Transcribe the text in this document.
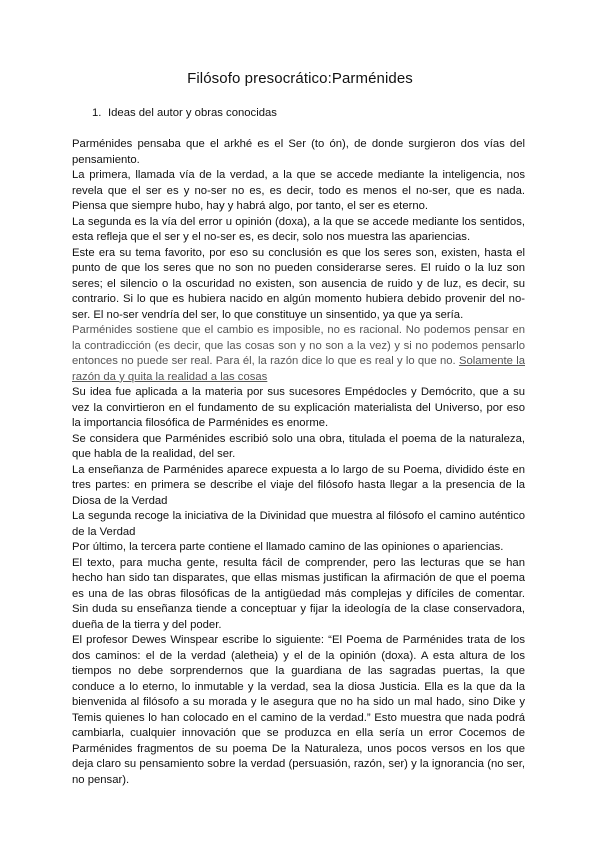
Filósofo presocrático:Parménides
1. Ideas del autor y obras conocidas

Parménides pensaba que el arkhé es el Ser (to ón), de donde surgieron dos vías del pensamiento.

La primera, llamada vía de la verdad, a la que se accede mediante la inteligencia, nos revela que el ser es y no-ser no es, es decir, todo es menos el no-ser, que es nada. Piensa que siempre hubo, hay y habrá algo, por tanto, el ser es eterno.

La segunda es la vía del error u opinión (doxa), a la que se accede mediante los sentidos, esta refleja que el ser y el no-ser es, es decir, solo nos muestra las apariencias.

Este era su tema favorito, por eso su conclusión es que los seres son, existen, hasta el punto de que los seres que no son no pueden considerarse seres. El ruido o la luz son seres; el silencio o la oscuridad no existen, son ausencia de ruido y de luz, es decir, su contrario. Si lo que es hubiera nacido en algún momento hubiera debido provenir del no-ser. El no-ser vendría del ser, lo que constituye un sinsentido, ya que ya sería.

Parménides sostiene que el cambio es imposible, no es racional. No podemos pensar en la contradicción (es decir, que las cosas son y no son a la vez) y si no podemos pensarlo entonces no puede ser real. Para él, la razón dice lo que es real y lo que no. Solamente la razón da y quita la realidad a las cosas

Su idea fue aplicada a la materia por sus sucesores Empédocles y Demócrito, que a su vez la convirtieron en el fundamento de su explicación materialista del Universo, por eso la importancia filosófica de Parménides es enorme.

Se considera que Parménides escribió solo una obra, titulada el poema de la naturaleza, que habla de la realidad, del ser.

La enseñanza de Parménides aparece expuesta a lo largo de su Poema, dividido éste en tres partes: en primera se describe el viaje del filósofo hasta llegar a la presencia de la Diosa de la Verdad

La segunda recoge la iniciativa de la Divinidad que muestra al filósofo el camino auténtico de la Verdad

Por último, la tercera parte contiene el llamado camino de las opiniones o apariencias.

El texto, para mucha gente, resulta fácil de comprender, pero las lecturas que se han hecho han sido tan disparates, que ellas mismas justifican la afirmación de que el poema es una de las obras filosóficas de la antigüedad más complejas y difíciles de comentar. Sin duda su enseñanza tiende a conceptuar y fijar la ideología de la clase conservadora, dueña de la tierra y del poder.

El profesor Dewes Winspear escribe lo siguiente: “El Poema de Parménides trata de los dos caminos: el de la verdad (aletheia) y el de la opinión (doxa). A esta altura de los tiempos no debe sorprendernos que la guardiana de las sagradas puertas, la que conduce a lo eterno, lo inmutable y la verdad, sea la diosa Justicia. Ella es la que da la bienvenida al filósofo a su morada y le asegura que no ha sido un mal hado, sino Dike y Temis quienes lo han colocado en el camino de la verdad.” Esto muestra que nada podrá cambiarla, cualquier innovación que se produzca en ella sería un error Cocemos de Parménides fragmentos de su poema De la Naturaleza, unos pocos versos en los que deja claro su pensamiento sobre la verdad (persuasión, razón, ser) y la ignorancia (no ser, no pensar).
